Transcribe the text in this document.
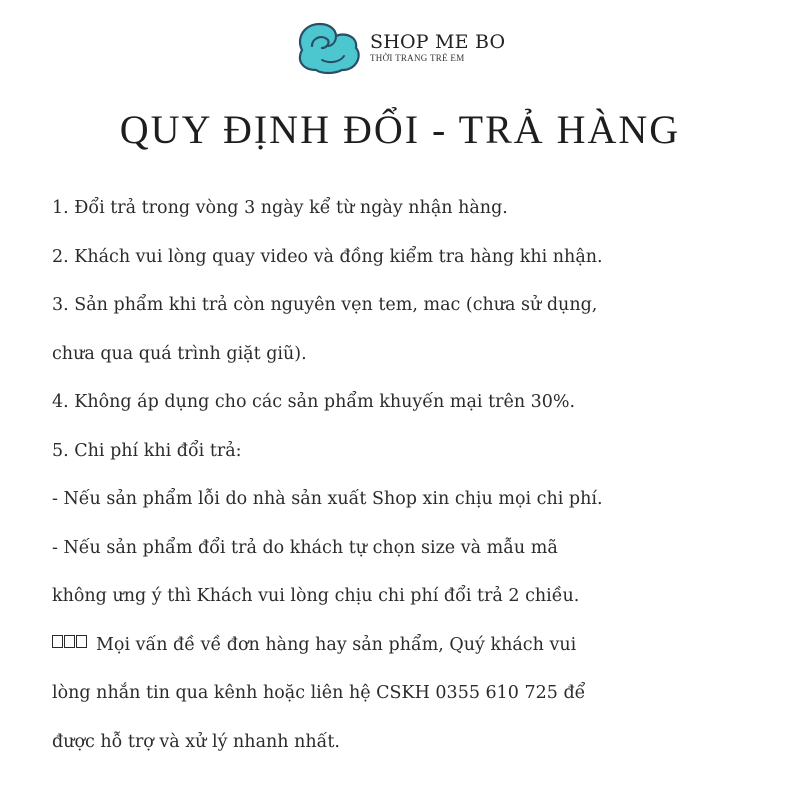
SHOP ME BO
THỜI TRANG TRẺ EM
QUY ĐỊNH ĐỔI - TRẢ HÀNG
1. Đổi trả trong vòng 3 ngày kể từ ngày nhận hàng.
2. Khách vui lòng quay video và đồng kiểm tra hàng khi nhận.
3. Sản phẩm khi trả còn nguyên vẹn tem, mac (chưa sử dụng,
chưa qua quá trình giặt giũ).
4. Không áp dụng cho các sản phẩm khuyến mại trên 30%.
5. Chi phí khi đổi trả:
- Nếu sản phẩm lỗi do nhà sản xuất Shop xin chịu mọi chi phí.
- Nếu sản phẩm đổi trả do khách tự chọn size và mẫu mã
không ưng ý thì Khách vui lòng chịu chi phí đổi trả 2 chiều.
Mọi vấn đề về đơn hàng hay sản phẩm, Quý khách vui
lòng nhắn tin qua kênh hoặc liên hệ CSKH 0355 610 725 để
được hỗ trợ và xử lý nhanh nhất.
